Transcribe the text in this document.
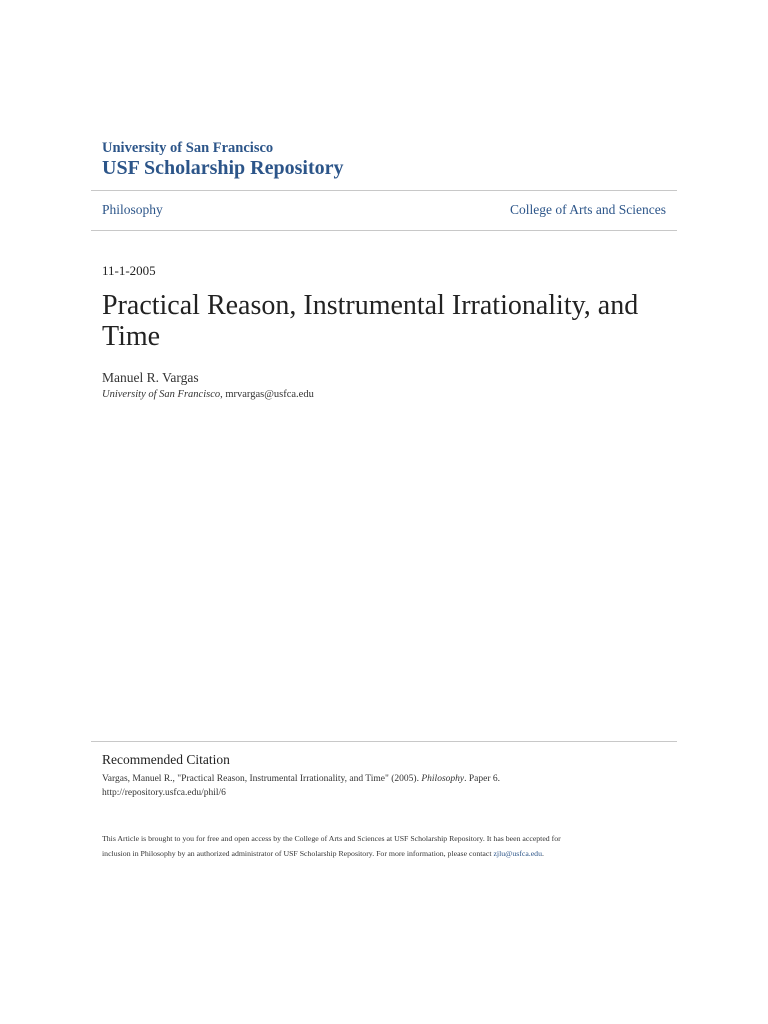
University of San Francisco
USF Scholarship Repository
Philosophy	College of Arts and Sciences
11-1-2005
Practical Reason, Instrumental Irrationality, and Time
Manuel R. Vargas
University of San Francisco, mrvargas@usfca.edu
Recommended Citation
Vargas, Manuel R., "Practical Reason, Instrumental Irrationality, and Time" (2005). Philosophy. Paper 6.
http://repository.usfca.edu/phil/6
This Article is brought to you for free and open access by the College of Arts and Sciences at USF Scholarship Repository. It has been accepted for
inclusion in Philosophy by an authorized administrator of USF Scholarship Repository. For more information, please contact zjlu@usfca.edu.
